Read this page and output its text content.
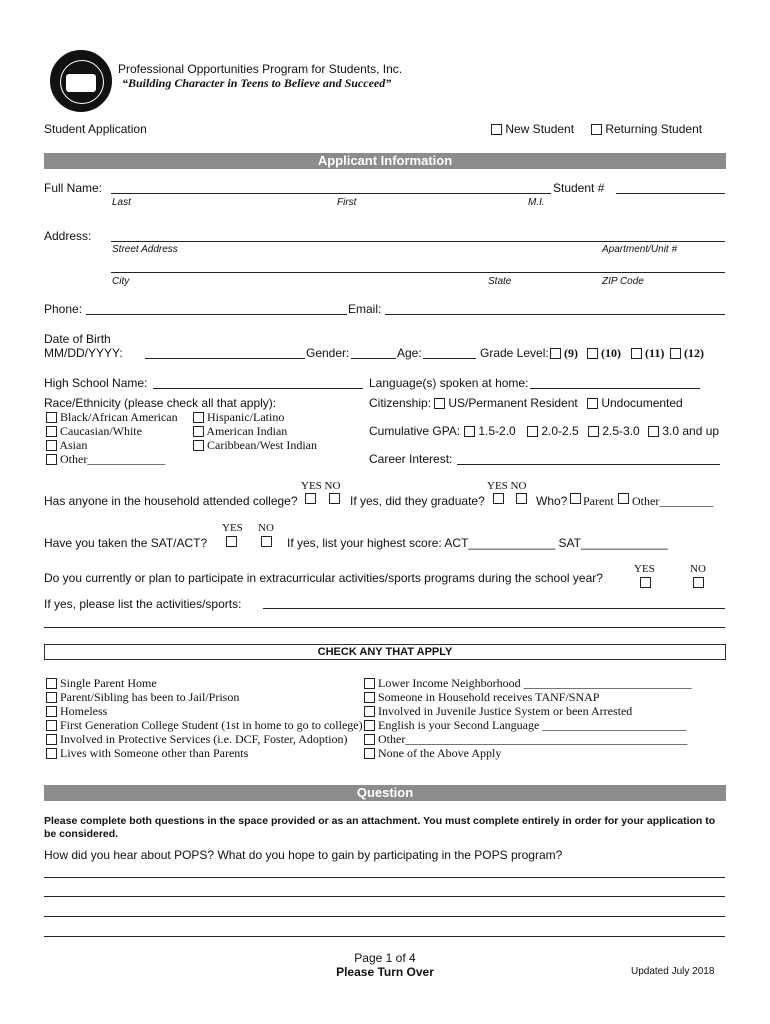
Professional Opportunities Program for Students, Inc.
“Building Character in Teens to Believe and Succeed”
Student Application	New Student	Returning Student
Applicant Information
Full Name:	Student #
Last	First	M.I.
Address:
Street Address	Apartment/Unit #
City	State	ZIP Code
Phone:	Email:
Date of Birth
MM/DD/YYYY:	Gender:	Age:	Grade Level:	(9)	(10)	(11)	(12)
High School Name:	Language(s) spoken at home:
Race/Ethnicity (please check all that apply):
Black/African American
Caucasian/White
Asian
Other_____________
Hispanic/Latino
American Indian
Caribbean/West Indian
Citizenship:	US/Permanent Resident	Undocumented
Cumulative GPA:	1.5-2.0	2.0-2.5	2.5-3.0	3.0 and up
Career Interest:
YES NO	YES NO
Has anyone in the household attended college?	If yes, did they graduate?	Who? Parent Other_________
YES NO
Have you taken the SAT/ACT?	If yes, list your highest score: ACT_____________ SAT_____________
YES	NO
Do you currently or plan to participate in extracurricular activities/sports programs during the school year?
If yes, please list the activities/sports:
CHECK ANY THAT APPLY
Single Parent Home
Parent/Sibling has been to Jail/Prison
Homeless
First Generation College Student (1st in home to go to college)
Involved in Protective Services (i.e. DCF, Foster, Adoption)
Lives with Someone other than Parents
Lower Income Neighborhood ____________________________
Someone in Household receives TANF/SNAP
Involved in Juvenile Justice System or been Arrested
English is your Second Language ________________________
Other_______________________________________________
None of the Above Apply
Question
Please complete both questions in the space provided or as an attachment. You must complete entirely in order for your application to be considered.
How did you hear about POPS? What do you hope to gain by participating in the POPS program?
Page 1 of 4
Please Turn Over	Updated July 2018
